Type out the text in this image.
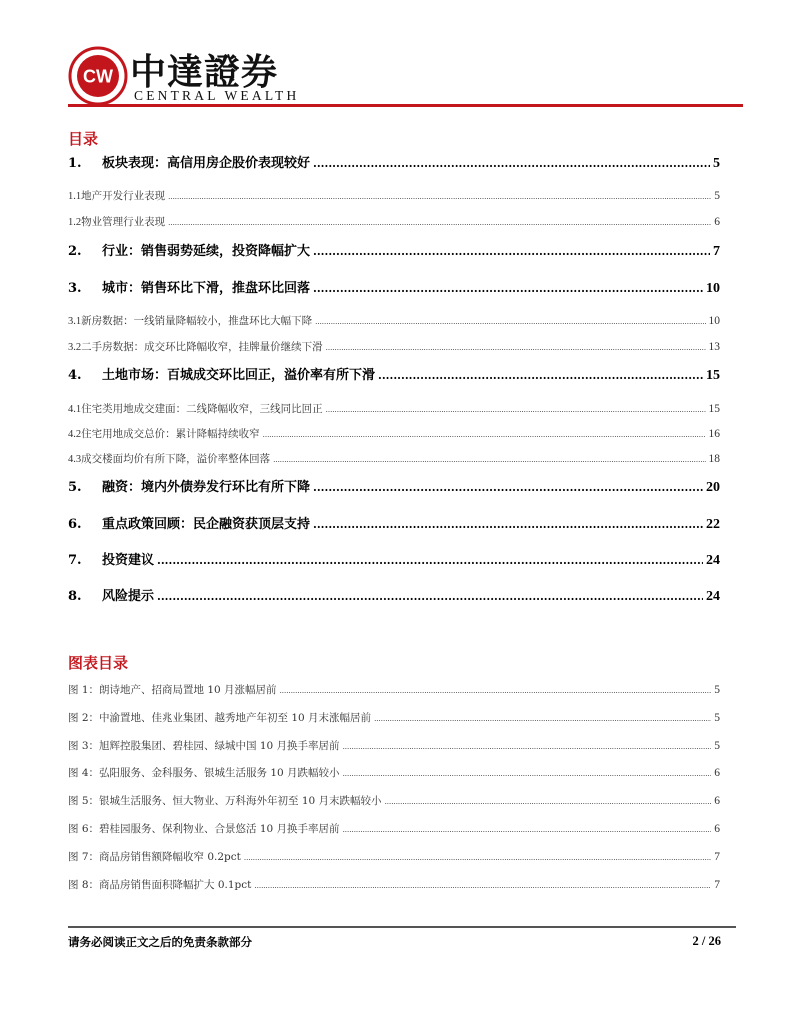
CW 中達證券
CENTRAL WEALTH
目录
1.	板块表现：高信用房企股价表现较好 .....	5
1.1 地产开发行业表现 .....	5
1.2 物业管理行业表现 .....	6
2.	行业：销售弱势延续，投资降幅扩大 .....	7
3.	城市：销售环比下滑，推盘环比回落 .....	10
3.1 新房数据：一线销量降幅较小，推盘环比大幅下降 .....	10
3.2 二手房数据：成交环比降幅收窄，挂牌量价继续下滑 .....	13
4.	土地市场：百城成交环比回正，溢价率有所下滑 .....	15
4.1 住宅类用地成交建面：二线降幅收窄，三线同比回正 .....	15
4.2 住宅用地成交总价：累计降幅持续收窄 .....	16
4.3 成交楼面均价有所下降，溢价率整体回落 .....	18
5.	融资：境内外债券发行环比有所下降 .....	20
6.	重点政策回顾：民企融资获顶层支持 .....	22
7.	投资建议 .....	24
8.	风险提示 .....	24
图表目录
图 1：朗诗地产、招商局置地 10 月涨幅居前 .....	5
图 2：中渝置地、佳兆业集团、越秀地产年初至 10 月末涨幅居前 .....	5
图 3：旭辉控股集团、碧桂园、绿城中国 10 月换手率居前 .....	5
图 4：弘阳服务、金科服务、银城生活服务 10 月跌幅较小 .....	6
图 5：银城生活服务、恒大物业、万科海外年初至 10 月末跌幅较小 .....	6
图 6：碧桂园服务、保利物业、合景悠活 10 月换手率居前 .....	6
图 7：商品房销售额降幅收窄 0.2pct .....	7
图 8：商品房销售面积降幅扩大 0.1pct .....	7
请务必阅读正文之后的免责条款部分	2 / 26
